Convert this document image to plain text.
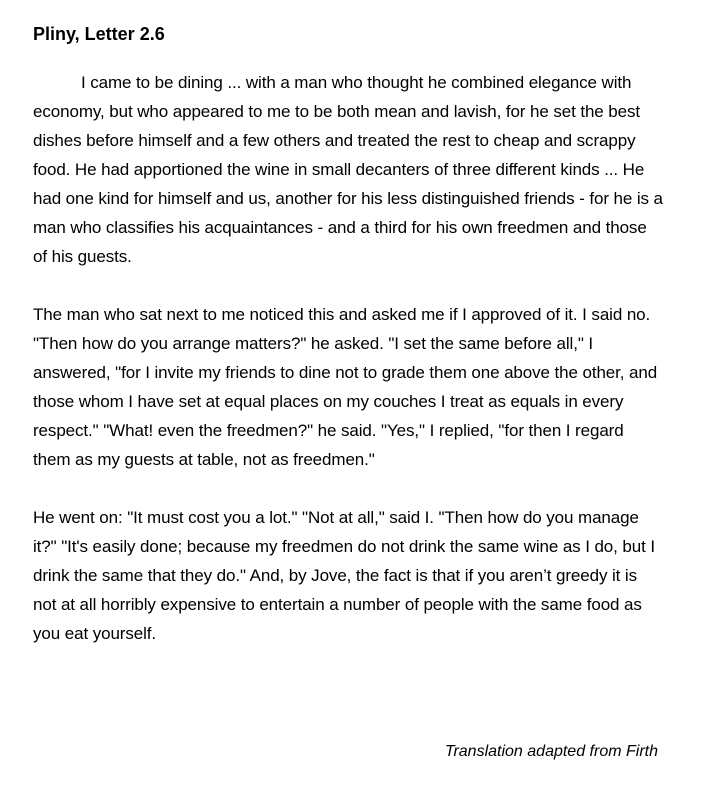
Pliny, Letter 2.6

I came to be dining ... with a man who thought he combined elegance with economy, but who appeared to me to be both mean and lavish, for he set the best dishes before himself and a few others and treated the rest to cheap and scrappy food. He had apportioned the wine in small decanters of three different kinds ... He had one kind for himself and us, another for his less distinguished friends - for he is a man who classifies his acquaintances - and a third for his own freedmen and those of his guests.

The man who sat next to me noticed this and asked me if I approved of it. I said no. "Then how do you arrange matters?" he asked. "I set the same before all," I answered, "for I invite my friends to dine not to grade them one above the other, and those whom I have set at equal places on my couches I treat as equals in every respect." "What! even the freedmen?" he said. "Yes," I replied, "for then I regard them as my guests at table, not as freedmen."

He went on: "It must cost you a lot." "Not at all," said I. "Then how do you manage it?" "It's easily done; because my freedmen do not drink the same wine as I do, but I drink the same that they do." And, by Jove, the fact is that if you aren’t greedy it is not at all horribly expensive to entertain a number of people with the same food as you eat yourself.

Translation adapted from Firth
